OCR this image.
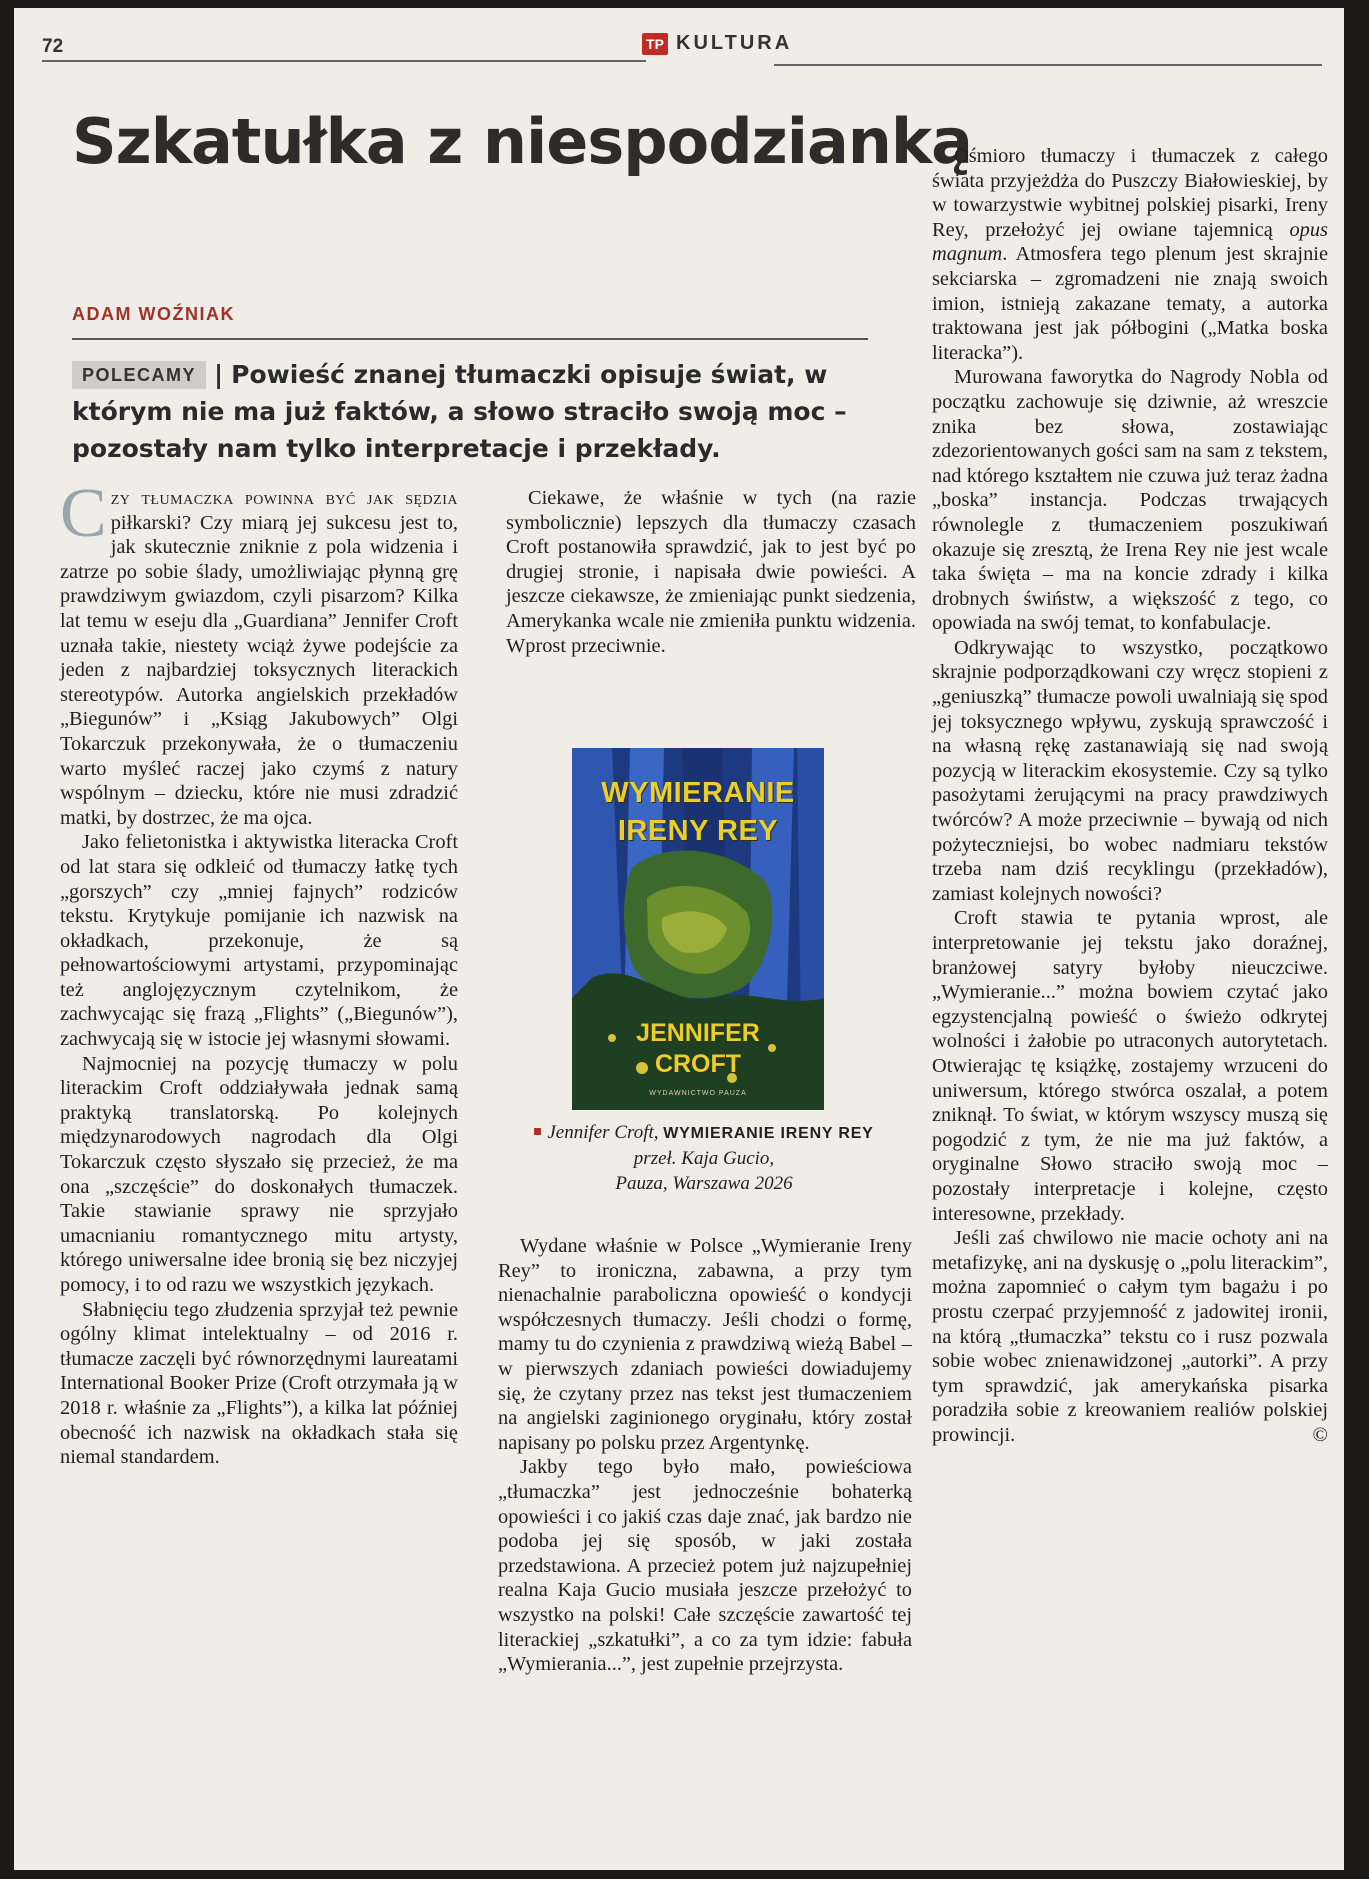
72	TP KULTURA
Szkatułka z niespodzianką
ADAM WOŹNIAK
POLECAMY | Powieść znanej tłumaczki opisuje świat, w którym nie ma już faktów, a słowo straciło swoją moc – pozostały nam tylko interpretacje i przekłady.

Czy tłumaczka powinna być jak sędzia piłkarski? Czy miarą jej sukcesu jest to, jak skutecznie zniknie z pola widzenia i zatrze po sobie ślady, umożliwiając płynną grę prawdziwym gwiazdom, czyli pisarzom? Kilka lat temu w eseju dla „Guardiana” Jennifer Croft uznała takie, niestety wciąż żywe podejście za jeden z najbardziej toksycznych literackich stereotypów. Autorka angielskich przekładów „Biegunów” i „Ksiąg Jakubowych” Olgi Tokarczuk przekonywała, że o tłumaczeniu warto myśleć raczej jako czymś z natury wspólnym – dziecku, które nie musi zdradzić matki, by dostrzec, że ma ojca.

Jako felietonistka i aktywistka literacka Croft od lat stara się odkleić od tłumaczy łatkę tych „gorszych” czy „mniej fajnych” rodziców tekstu. Krytykuje pomijanie ich nazwisk na okładkach, przekonuje, że są pełnowartościowymi artystami, przypominając też anglojęzycznym czytelnikom, że zachwycając się frazą „Flights” („Biegunów”), zachwycają się w istocie jej własnymi słowami.

Najmocniej na pozycję tłumaczy w polu literackim Croft oddziaływała jednak samą praktyką translatorską. Po kolejnych międzynarodowych nagrodach dla Olgi Tokarczuk często słyszało się przecież, że ma ona „szczęście” do doskonałych tłumaczek. Takie stawianie sprawy nie sprzyjało umacnianiu romantycznego mitu artysty, którego uniwersalne idee bronią się bez niczyjej pomocy, i to od razu we wszystkich językach.

Słabnięciu tego złudzenia sprzyjał też pewnie ogólny klimat intelektualny – od 2016 r. tłumacze zaczęli być równorzędnymi laureatami International Booker Prize (Croft otrzymała ją w 2018 r. właśnie za „Flights”), a kilka lat później obecność ich nazwisk na okładkach stała się niemal standardem.

Ciekawe, że właśnie w tych (na razie symbolicznie) lepszych dla tłumaczy czasach Croft postanowiła sprawdzić, jak to jest być po drugiej stronie, i napisała dwie powieści. A jeszcze ciekawsze, że zmieniając punkt siedzenia, Amerykanka wcale nie zmieniła punktu widzenia. Wprost przeciwnie.

WYMIERANIE
IRENY REY
JENNIFER
CROFT
WYDAWNICTWO PAUZA
Jennifer Croft, WYMIERANIE IRENY REY
przeł. Kaja Gucio,
Pauza, Warszawa 2026

Wydane właśnie w Polsce „Wymieranie Ireny Rey” to ironiczna, zabawna, a przy tym nienachalnie paraboliczna opowieść o kondycji współczesnych tłumaczy. Jeśli chodzi o formę, mamy tu do czynienia z prawdziwą wieżą Babel – w pierwszych zdaniach powieści dowiadujemy się, że czytany przez nas tekst jest tłumaczeniem na angielski zaginionego oryginału, który został napisany po polsku przez Argentynkę.

Jakby tego było mało, powieściowa „tłumaczka” jest jednocześnie bohaterką opowieści i co jakiś czas daje znać, jak bardzo nie podoba jej się sposób, w jaki została przedstawiona. A przecież potem już najzupełniej realna Kaja Gucio musiała jeszcze przełożyć to wszystko na polski! Całe szczęście zawartość tej literackiej „szkatułki”, a co za tym idzie: fabuła „Wymierania...”, jest zupełnie przejrzysta.

Ośmioro tłumaczy i tłumaczek z całego świata przyjeżdża do Puszczy Białowieskiej, by w towarzystwie wybitnej polskiej pisarki, Ireny Rey, przełożyć jej owiane tajemnicą opus magnum. Atmosfera tego plenum jest skrajnie sekciarska – zgromadzeni nie znają swoich imion, istnieją zakazane tematy, a autorka traktowana jest jak półbogini („Matka boska literacka”).

Murowana faworytka do Nagrody Nobla od początku zachowuje się dziwnie, aż wreszcie znika bez słowa, zostawiając zdezorientowanych gości sam na sam z tekstem, nad którego kształtem nie czuwa już teraz żadna „boska” instancja. Podczas trwających równolegle z tłumaczeniem poszukiwań okazuje się zresztą, że Irena Rey nie jest wcale taka święta – ma na koncie zdrady i kilka drobnych świństw, a większość z tego, co opowiada na swój temat, to konfabulacje.

Odkrywając to wszystko, początkowo skrajnie podporządkowani czy wręcz stopieni z „geniuszką” tłumacze powoli uwalniają się spod jej toksycznego wpływu, zyskują sprawczość i na własną rękę zastanawiają się nad swoją pozycją w literackim ekosystemie. Czy są tylko pasożytami żerującymi na pracy prawdziwych twórców? A może przeciwnie – bywają od nich pożyteczniejsi, bo wobec nadmiaru tekstów trzeba nam dziś recyklingu (przekładów), zamiast kolejnych nowości?

Croft stawia te pytania wprost, ale interpretowanie jej tekstu jako doraźnej, branżowej satyry byłoby nieuczciwe. „Wymieranie...” można bowiem czytać jako egzystencjalną powieść o świeżo odkrytej wolności i żałobie po utraconych autorytetach. Otwierając tę książkę, zostajemy wrzuceni do uniwersum, którego stwórca oszalał, a potem zniknął. To świat, w którym wszyscy muszą się pogodzić z tym, że nie ma już faktów, a oryginalne Słowo straciło swoją moc – pozostały interpretacje i kolejne, często interesowne, przekłady.

Jeśli zaś chwilowo nie macie ochoty ani na metafizykę, ani na dyskusję o „polu literackim”, można zapomnieć o całym tym bagażu i po prostu czerpać przyjemność z jadowitej ironii, na którą „tłumaczka” tekstu co i rusz pozwala sobie wobec znienawidzonej „autorki”. A przy tym sprawdzić, jak amerykańska pisarka poradziła sobie z kreowaniem realiów polskiej prowincji.	©
